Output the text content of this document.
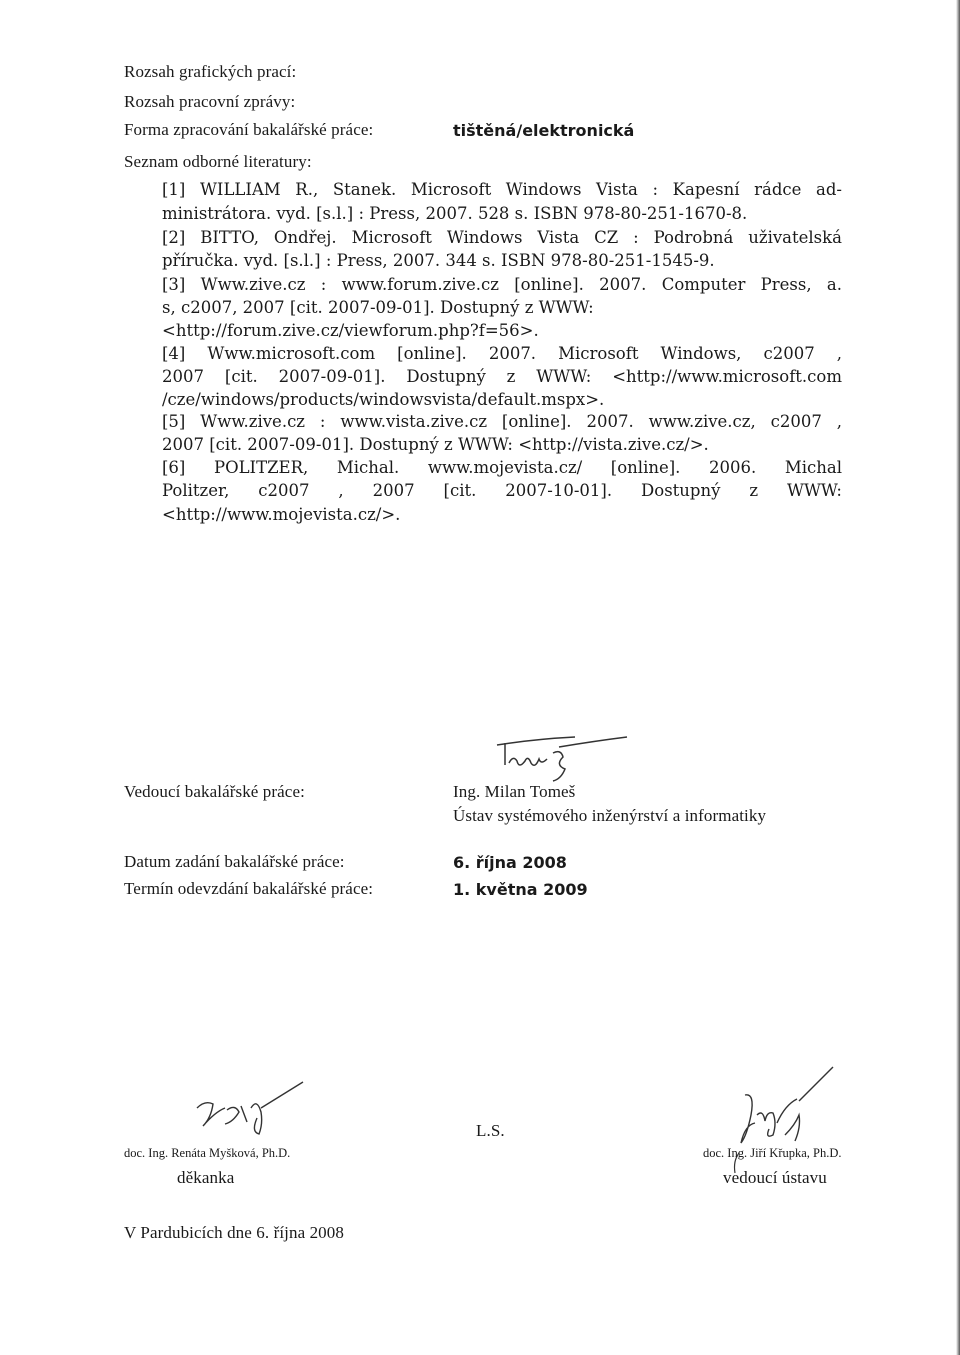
Rozsah grafických prací:
Rozsah pracovní zprávy:
Forma zpracování bakalářské práce:	tištěná/elektronická
Seznam odborné literatury:
[1] WILLIAM R., Stanek. Microsoft Windows Vista : Kapesní rádce ad-
ministrátora. vyd. [s.l.] : Press, 2007. 528 s. ISBN 978-80-251-1670-8.
[2] BITTO, Ondřej. Microsoft Windows Vista CZ : Podrobná uživatelská
příručka. vyd. [s.l.] : Press, 2007. 344 s. ISBN 978-80-251-1545-9.
[3] Www.zive.cz : www.forum.zive.cz [online]. 2007. Computer Press, a.
s, c2007, 2007 [cit. 2007-09-01]. Dostupný z WWW:
<http://forum.zive.cz/viewforum.php?f=56>.
[4] Www.microsoft.com [online]. 2007. Microsoft Windows, c2007 ,
2007 [cit. 2007-09-01]. Dostupný z WWW: <http://www.microsoft.com
/cze/windows/products/windowsvista/default.mspx>.
[5] Www.zive.cz : www.vista.zive.cz [online]. 2007. www.zive.cz, c2007 ,
2007 [cit. 2007-09-01]. Dostupný z WWW: <http://vista.zive.cz/>.
[6] POLITZER, Michal. www.mojevista.cz/ [online]. 2006. Michal
Politzer, c2007 , 2007 [cit. 2007-10-01]. Dostupný z WWW:
<http://www.mojevista.cz/>.
Vedoucí bakalářské práce:	Ing. Milan Tomeš
Ústav systémového inženýrství a informatiky
Datum zadání bakalářské práce:	6. října 2008
Termín odevzdání bakalářské práce:	1. května 2009
doc. Ing. Renáta Myšková, Ph.D.
děkanka
L.S.
doc. Ing. Jiří Křupka, Ph.D.
vedoucí ústavu
V Pardubicích dne 6. října 2008
